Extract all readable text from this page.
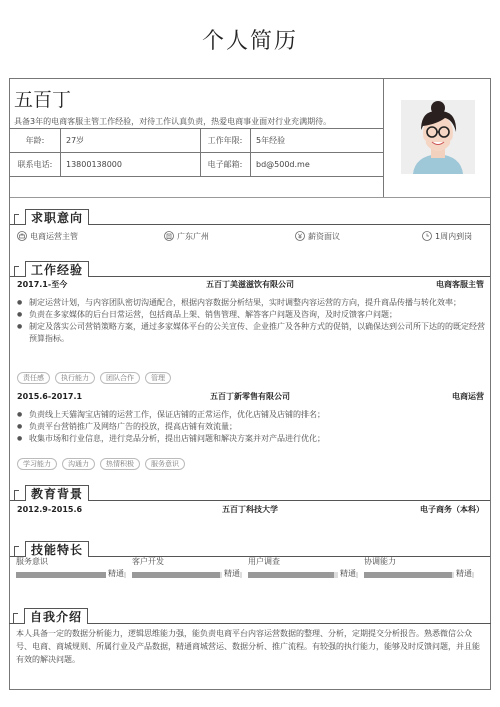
个人简历
五百丁
具备3年的电商客服主管工作经验，对待工作认真负责，热爱电商事业面对行业充满期待。
年龄:	27岁	工作年限:	5年经验
联系电话:	13800138000	电子邮箱:	bd@500d.me
求职意向
电商运营主管	广东广州	薪资面议	1周内到岗
工作经验
2017.1-至今	五百丁美滋滋饮有限公司	电商客服主管
● 制定运营计划，与内容团队密切沟通配合，根据内容数据分析结果，实时调整内容运营的方向，提升商品传播与转化效率；
● 负责在多家媒体的后台日常运营，包括商品上架、销售管理、解答客户问题及咨询，及时反馈客户问题；
● 制定及落实公司营销策略方案，通过多家媒体平台的公关宣传、企业推广及各种方式的促销，以确保达到公司所下达的的既定经营预算指标。
责任感 执行能力 团队合作 管理
2015.6-2017.1	五百丁新零售有限公司	电商运营
● 负责线上天猫淘宝店铺的运营工作，保证店铺的正常运作，优化店铺及店铺的排名；
● 负责平台营销推广及网络广告的投放，提高店铺有效流量；
● 收集市场和行业信息，进行竞品分析，提出店铺问题和解决方案并对产品进行优化；
学习能力 沟通力 热情积极 服务意识
教育背景
2012.9-2015.6	五百丁科技大学	电子商务（本科）
技能特长
服务意识
精通
客户开发
精通
用户调查
精通
协调能力
精通
自我介绍
本人具备一定的数据分析能力，逻辑思维能力强，能负责电商平台内容运营数据的整理、分析，定期提交分析报告。熟悉微信公众号、电商、商城规则、所属行业及产品数据，精通商城营运、数据分析、推广流程。有较强的执行能力，能够及时反馈问题，并且能有效的解决问题。
